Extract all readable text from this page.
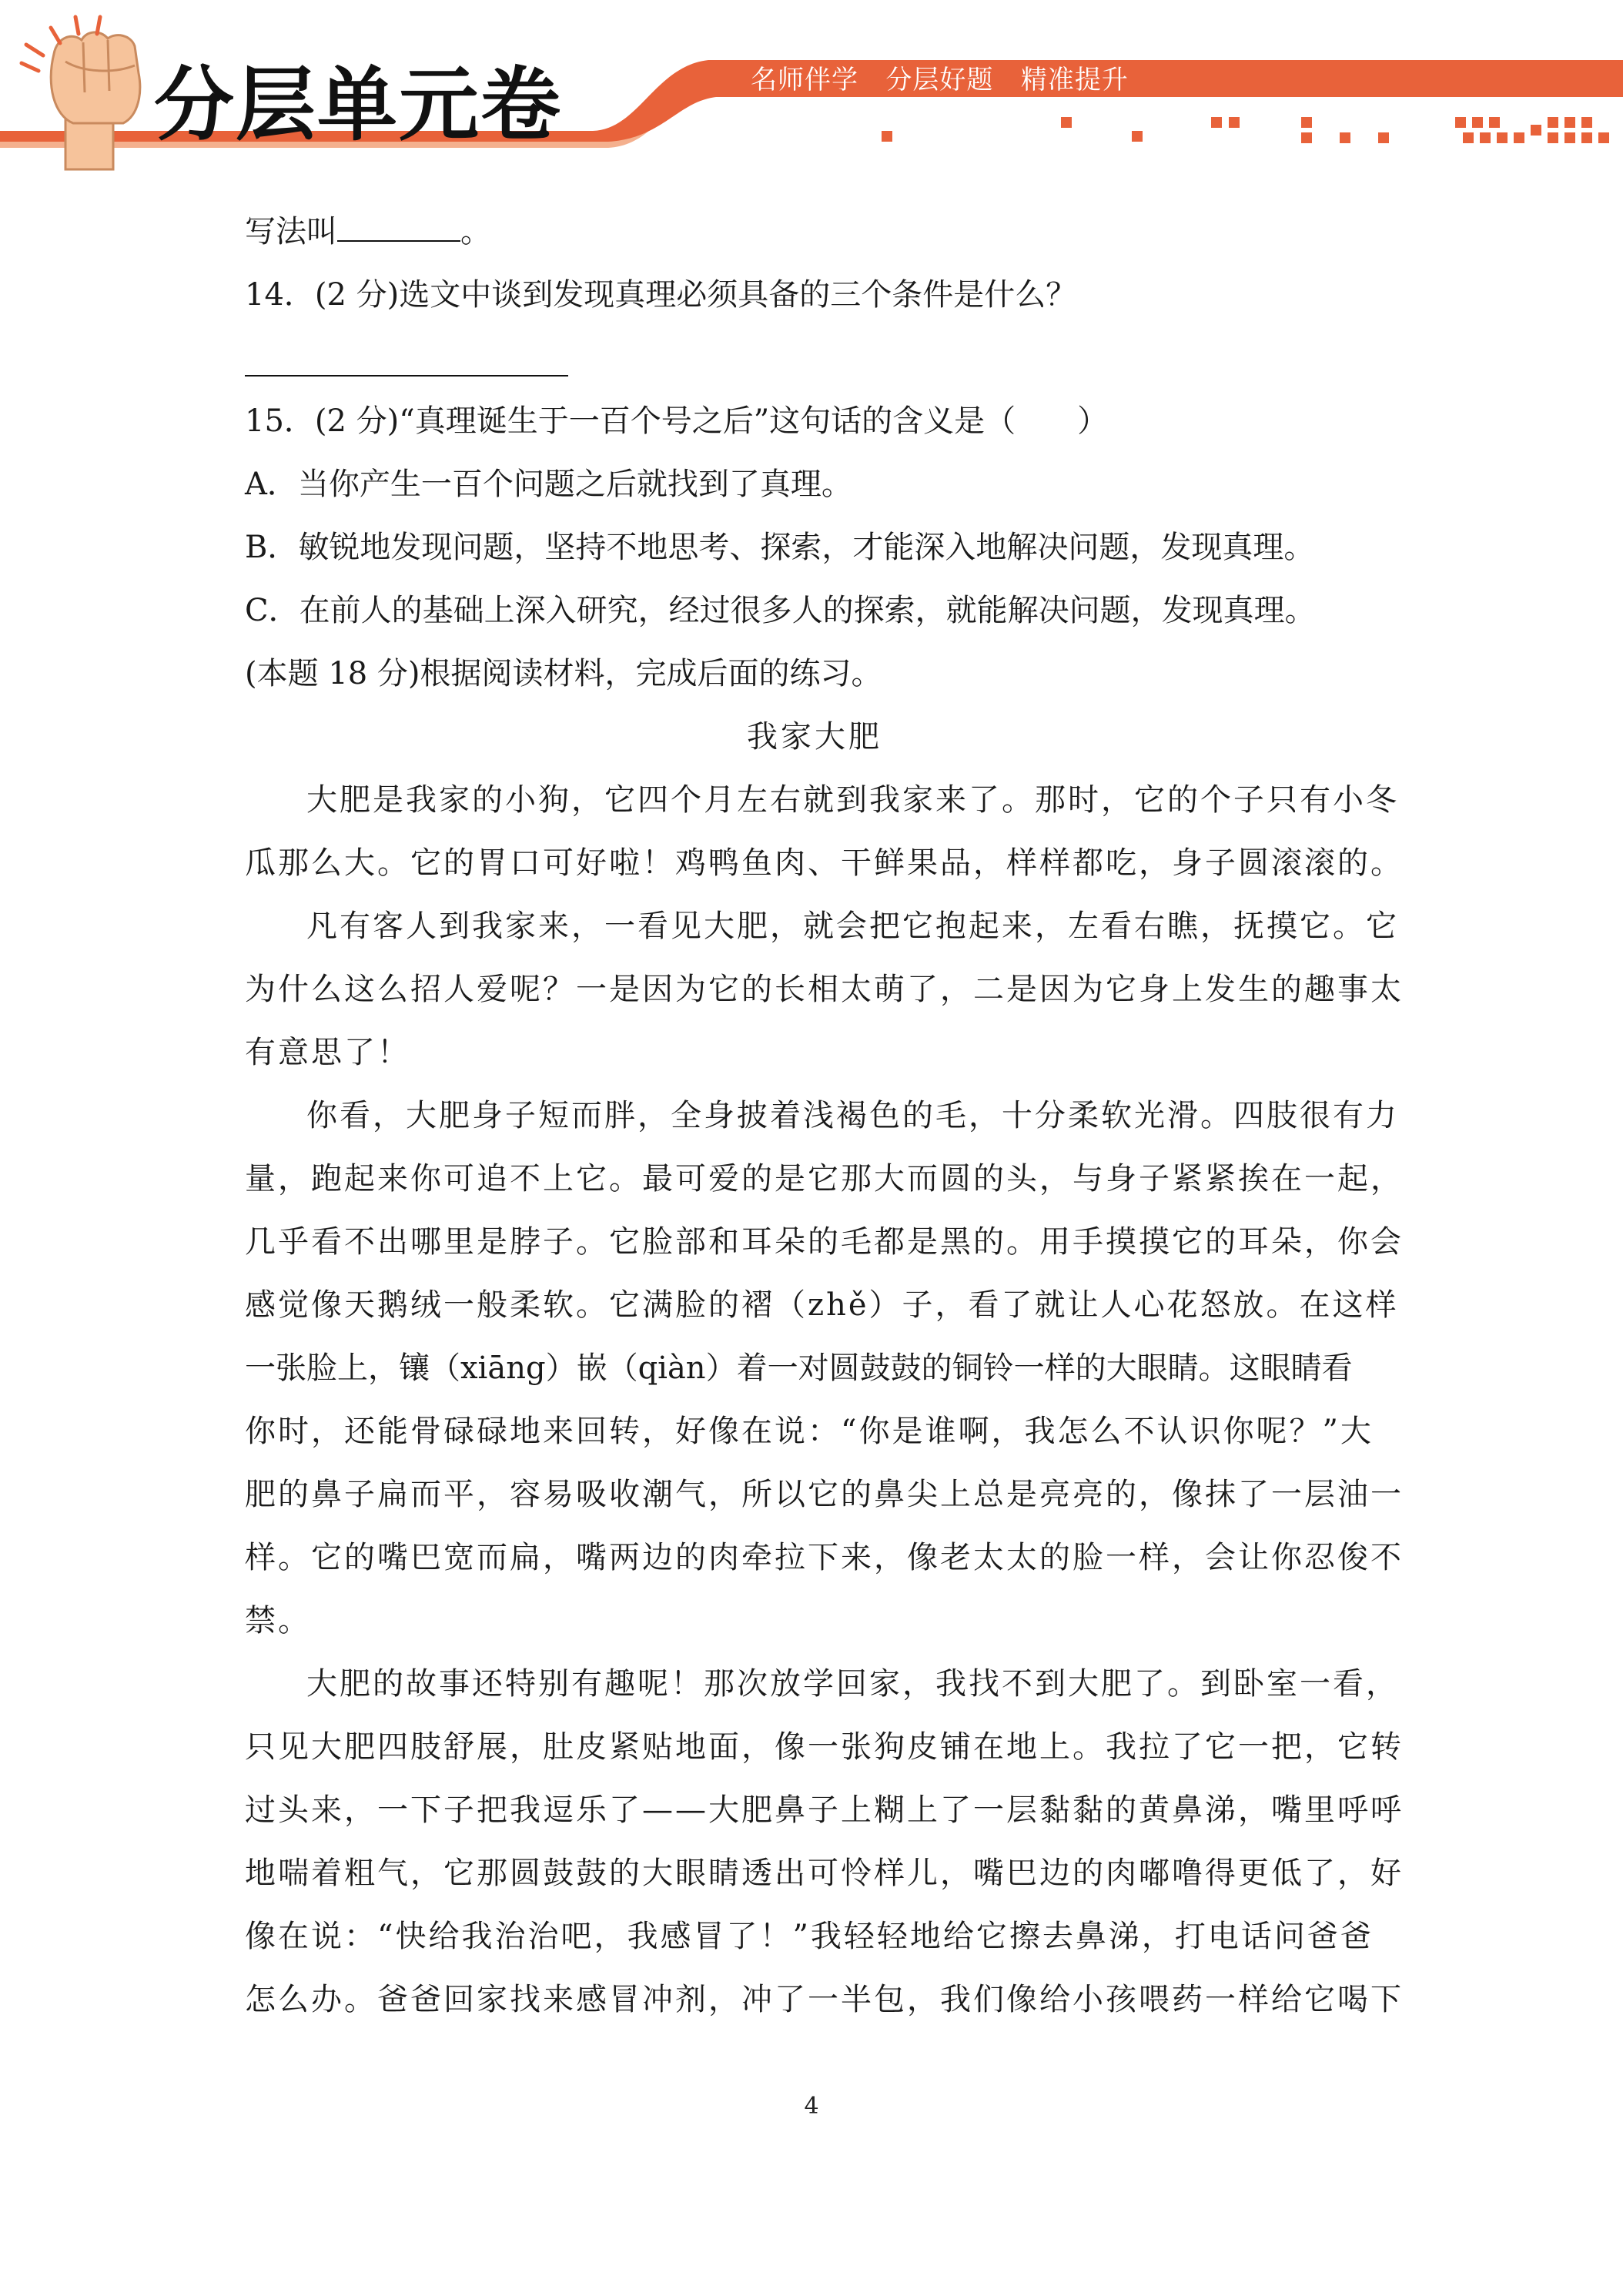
分层单元卷	名师伴学   分层好题   精准提升
写法叫	。
14．(2 分)选文中谈到发现真理必须具备的三个条件是什么？
15．(2 分)“真理诞生于一百个号之后”这句话的含义是（　　）
A．当你产生一百个问题之后就找到了真理。
B．敏锐地发现问题，坚持不地思考、探索，才能深入地解决问题，发现真理。
C．在前人的基础上深入研究，经过很多人的探索，就能解决问题，发现真理。
(本题 18 分)根据阅读材料，完成后面的练习。
我家大肥
大肥是我家的小狗，它四个月左右就到我家来了。那时，它的个子只有小冬
瓜那么大。它的胃口可好啦！鸡鸭鱼肉、干鲜果品，样样都吃，身子圆滚滚的。
凡有客人到我家来，一看见大肥，就会把它抱起来，左看右瞧，抚摸它。它
为什么这么招人爱呢？一是因为它的长相太萌了，二是因为它身上发生的趣事太
有意思了！
你看，大肥身子短而胖，全身披着浅褐色的毛，十分柔软光滑。四肢很有力
量，跑起来你可追不上它。最可爱的是它那大而圆的头，与身子紧紧挨在一起，
几乎看不出哪里是脖子。它脸部和耳朵的毛都是黑的。用手摸摸它的耳朵，你会
感觉像天鹅绒一般柔软。它满脸的褶（zhě）子，看了就让人心花怒放。在这样
一张脸上，镶（xiāng）嵌（qiàn）着一对圆鼓鼓的铜铃一样的大眼睛。这眼睛看
你时，还能骨碌碌地来回转，好像在说：“你是谁啊，我怎么不认识你呢？”大
肥的鼻子扁而平，容易吸收潮气，所以它的鼻尖上总是亮亮的，像抹了一层油一
样。它的嘴巴宽而扁，嘴两边的肉牵拉下来，像老太太的脸一样，会让你忍俊不
禁。
大肥的故事还特别有趣呢！那次放学回家，我找不到大肥了。到卧室一看，
只见大肥四肢舒展，肚皮紧贴地面，像一张狗皮铺在地上。我拉了它一把，它转
过头来，一下子把我逗乐了——大肥鼻子上糊上了一层黏黏的黄鼻涕，嘴里呼呼
地喘着粗气，它那圆鼓鼓的大眼睛透出可怜样儿，嘴巴边的肉嘟噜得更低了，好
像在说：“快给我治治吧，我感冒了！”我轻轻地给它擦去鼻涕，打电话问爸爸
怎么办。爸爸回家找来感冒冲剂，冲了一半包，我们像给小孩喂药一样给它喝下
4
